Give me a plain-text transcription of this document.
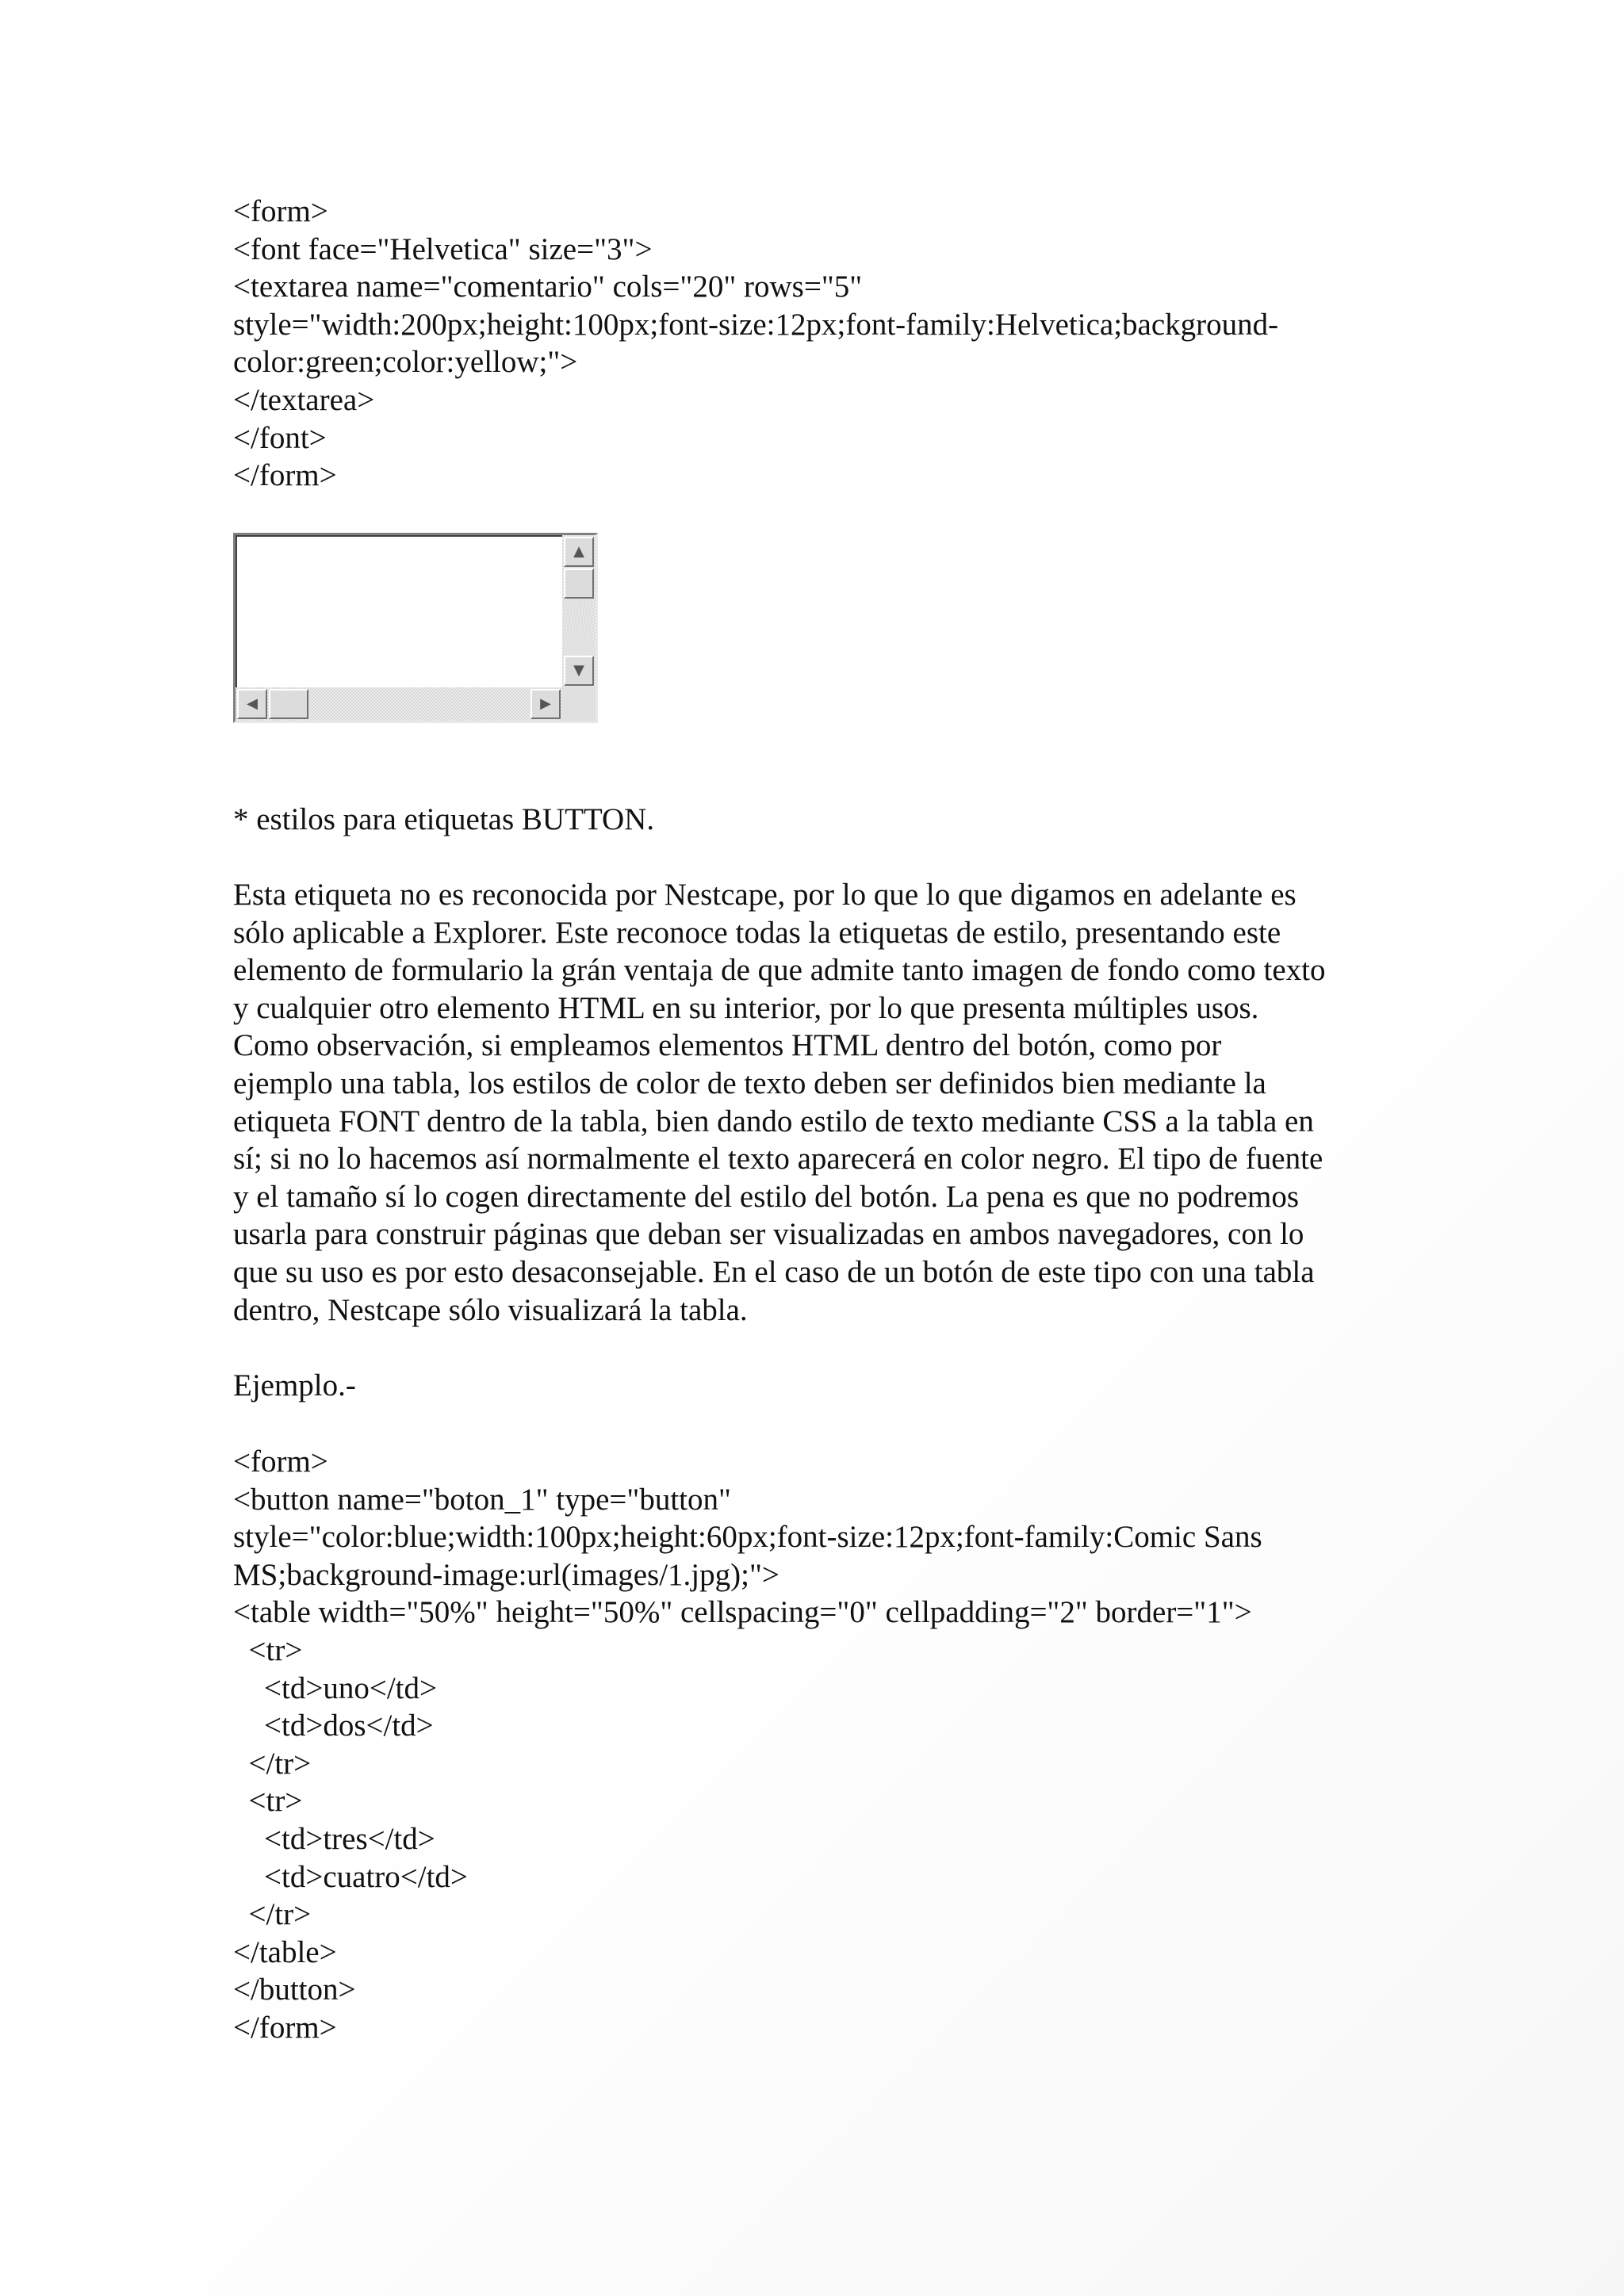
<form>
<font face="Helvetica" size="3">
<textarea name="comentario" cols="20" rows="5"
style="width:200px;height:100px;font-size:12px;font-family:Helvetica;background-
color:green;color:yellow;">
</textarea>
</font>
</form>
▲
▼
◀	▶
* estilos para etiquetas BUTTON.
Esta etiqueta no es reconocida por Nestcape, por lo que lo que digamos en adelante es
sólo aplicable a Explorer. Este reconoce todas la etiquetas de estilo, presentando este
elemento de formulario la grán ventaja de que admite tanto imagen de fondo como texto
y cualquier otro elemento HTML en su interior, por lo que presenta múltiples usos.
Como observación, si empleamos elementos HTML dentro del botón, como por
ejemplo una tabla, los estilos de color de texto deben ser definidos bien mediante la
etiqueta FONT dentro de la tabla, bien dando estilo de texto mediante CSS a la tabla en
sí; si no lo hacemos así normalmente el texto aparecerá en color negro. El tipo de fuente
y el tamaño sí lo cogen directamente del estilo del botón. La pena es que no podremos
usarla para construir páginas que deban ser visualizadas en ambos navegadores, con lo
que su uso es por esto desaconsejable. En el caso de un botón de este tipo con una tabla
dentro, Nestcape sólo visualizará la tabla.
Ejemplo.-
<form>
<button name="boton_1" type="button"
style="color:blue;width:100px;height:60px;font-size:12px;font-family:Comic Sans
MS;background-image:url(images/1.jpg);">
<table width="50%" height="50%" cellspacing="0" cellpadding="2" border="1">
<tr>
<td>uno</td>
<td>dos</td>
</tr>
<tr>
<td>tres</td>
<td>cuatro</td>
</tr>
</table>
</button>
</form>
